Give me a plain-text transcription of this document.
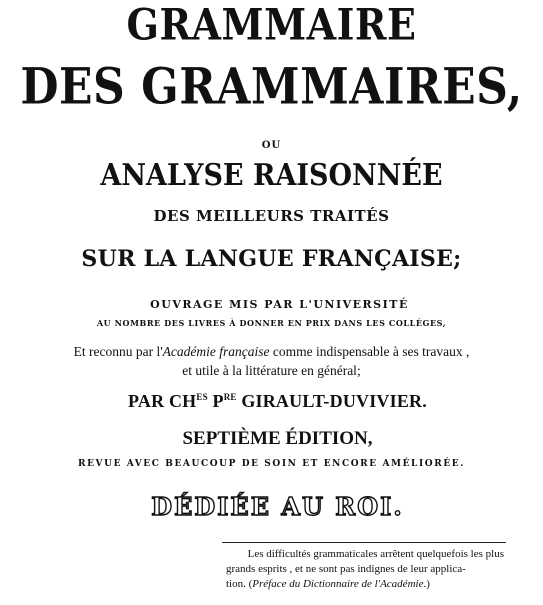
GRAMMAIRE
DES GRAMMAIRES,
OU
ANALYSE RAISONNÉE
DES MEILLEURS TRAITÉS
SUR LA LANGUE FRANÇAISE;
OUVRAGE MIS PAR L'UNIVERSITÉ
AU NOMBRE DES LIVRES À DONNER EN PRIX DANS LES COLLÉGES,
Et reconnu par l'Académie française comme indispensable à ses travaux ,
et utile à la littérature en général;
PAR $CH^{ES}$ $P^{RE}$ GIRAULT-DUVIVIER.
SEPTIÈME ÉDITION,
REVUE AVEC BEAUCOUP DE SOIN ET ENCORE AMÉLIORÉE.
DÉDIÉE AU ROI.
Les difficultés grammaticales arrêtent quelquefois les plus
grands esprits , et ne sont pas indignes de leur applica-
tion. (Préface du Dictionnaire de l'Académie.)
